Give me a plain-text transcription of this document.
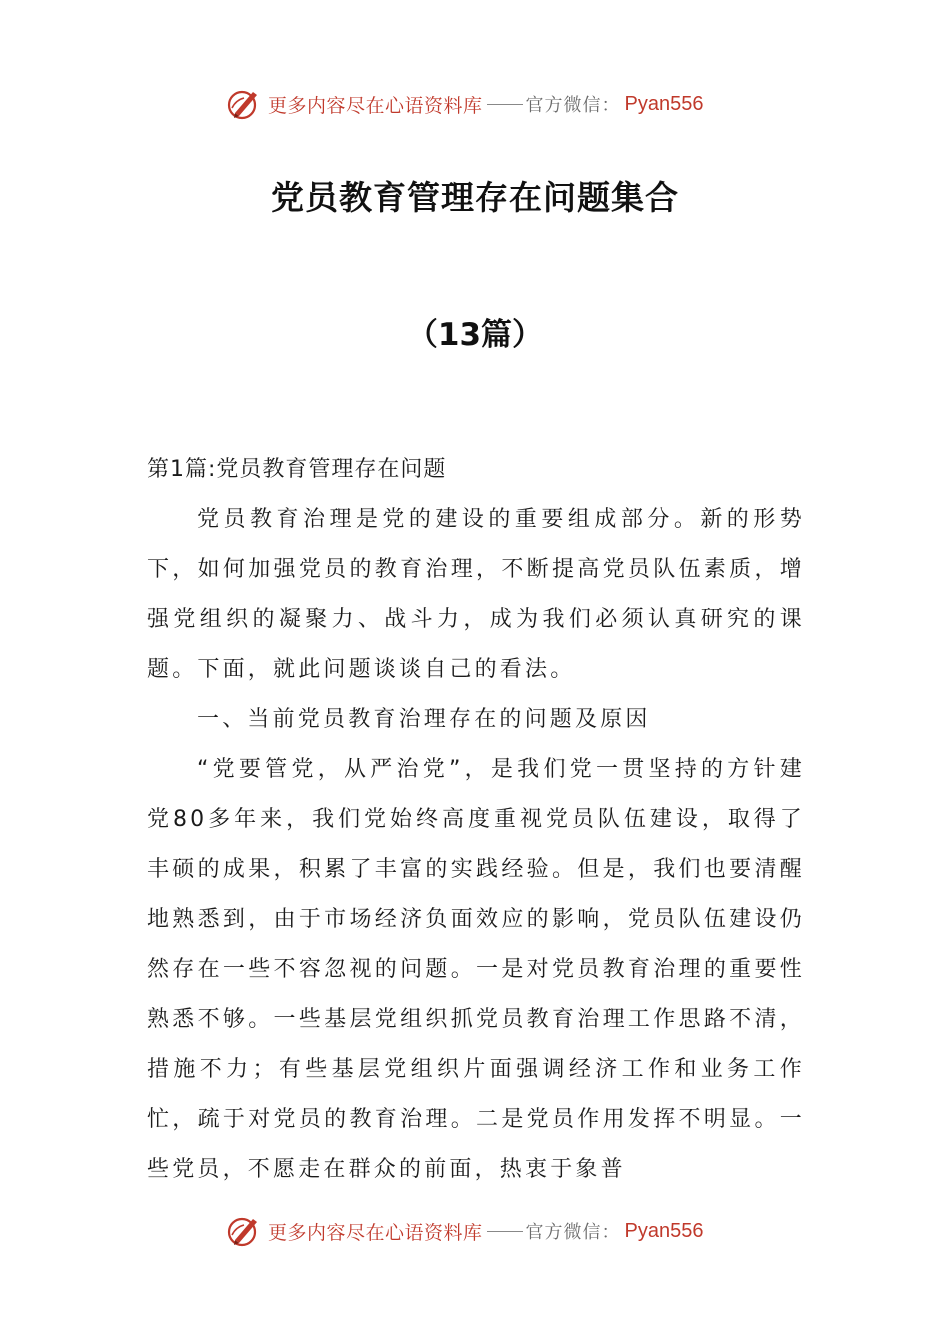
更多内容尽在心语资料库 官方微信： Pyan556
党员教育管理存在问题集合
（13篇）

第1篇:党员教育管理存在问题

党员教育治理是党的建设的重要组成部分。新的形势下，如何加强党员的教育治理，不断提高党员队伍素质，增强党组织的凝聚力、战斗力，成为我们必须认真研究的课题。下面，就此问题谈谈自己的看法。

一、当前党员教育治理存在的问题及原因

“党要管党，从严治党”，是我们党一贯坚持的方针建党80多年来，我们党始终高度重视党员队伍建设，取得了丰硕的成果，积累了丰富的实践经验。但是，我们也要清醒地熟悉到，由于市场经济负面效应的影响，党员队伍建设仍然存在一些不容忽视的问题。一是对党员教育治理的重要性熟悉不够。一些基层党组织抓党员教育治理工作思路不清，措施不力；有些基层党组织片面强调经济工作和业务工作忙，疏于对党员的教育治理。二是党员作用发挥不明显。一些党员，不愿走在群众的前面，热衷于象普

更多内容尽在心语资料库 官方微信： Pyan556
